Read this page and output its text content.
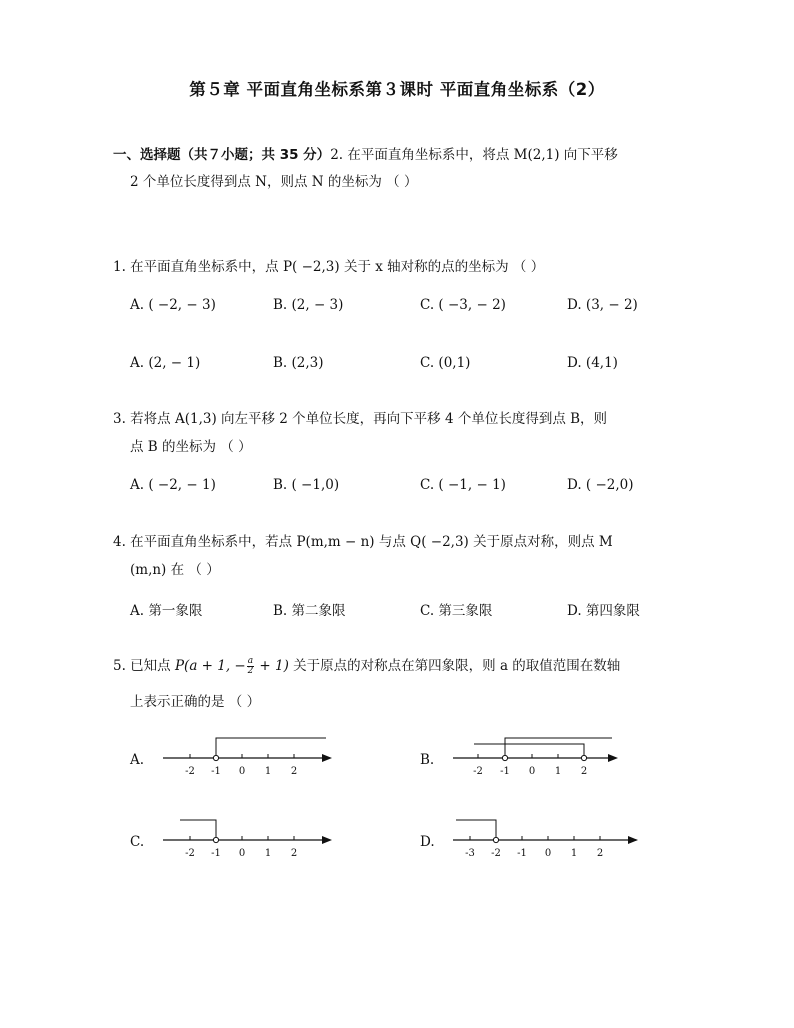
第５章 平面直角坐标系第３课时 平面直角坐标系（2）
一、选择题（共７小题；共 35 分）2. 在平面直角坐标系中，将点 M(2,1) 向下平移
2 个单位长度得到点 N，则点 N 的坐标为 （ ）
1. 在平面直角坐标系中，点 P( −2,3) 关于 x 轴对称的点的坐标为 （ ）
A. ( −2, − 3)	B. (2, − 3)	C. ( −3, − 2)	D. (3, − 2)
A. (2, − 1)	B. (2,3)	C. (0,1)	D. (4,1)
3. 若将点 A(1,3) 向左平移 2 个单位长度，再向下平移 4 个单位长度得到点 B，则
点 B 的坐标为 （ ）
A. ( −2, − 1)	B. ( −1,0)	C. ( −1, − 1)	D. ( −2,0)
4. 在平面直角坐标系中，若点 P(m,m − n) 与点 Q( −2,3) 关于原点对称，则点 M
(m,n) 在 （ ）
A. 第一象限	B. 第二象限	C. 第三象限	D. 第四象限
5. 已知点 P(a + 1, − $\frac{a}{2} + 1$) 关于原点的对称点在第四象限，则 a 的取值范围在数轴
上表示正确的是 （ ）
A.	B.
C.	D.
-2 -1 0 1 2	-2 -1 0 1 2
-2 -1 0 1 2	-3 -2 -1 0 1 2
